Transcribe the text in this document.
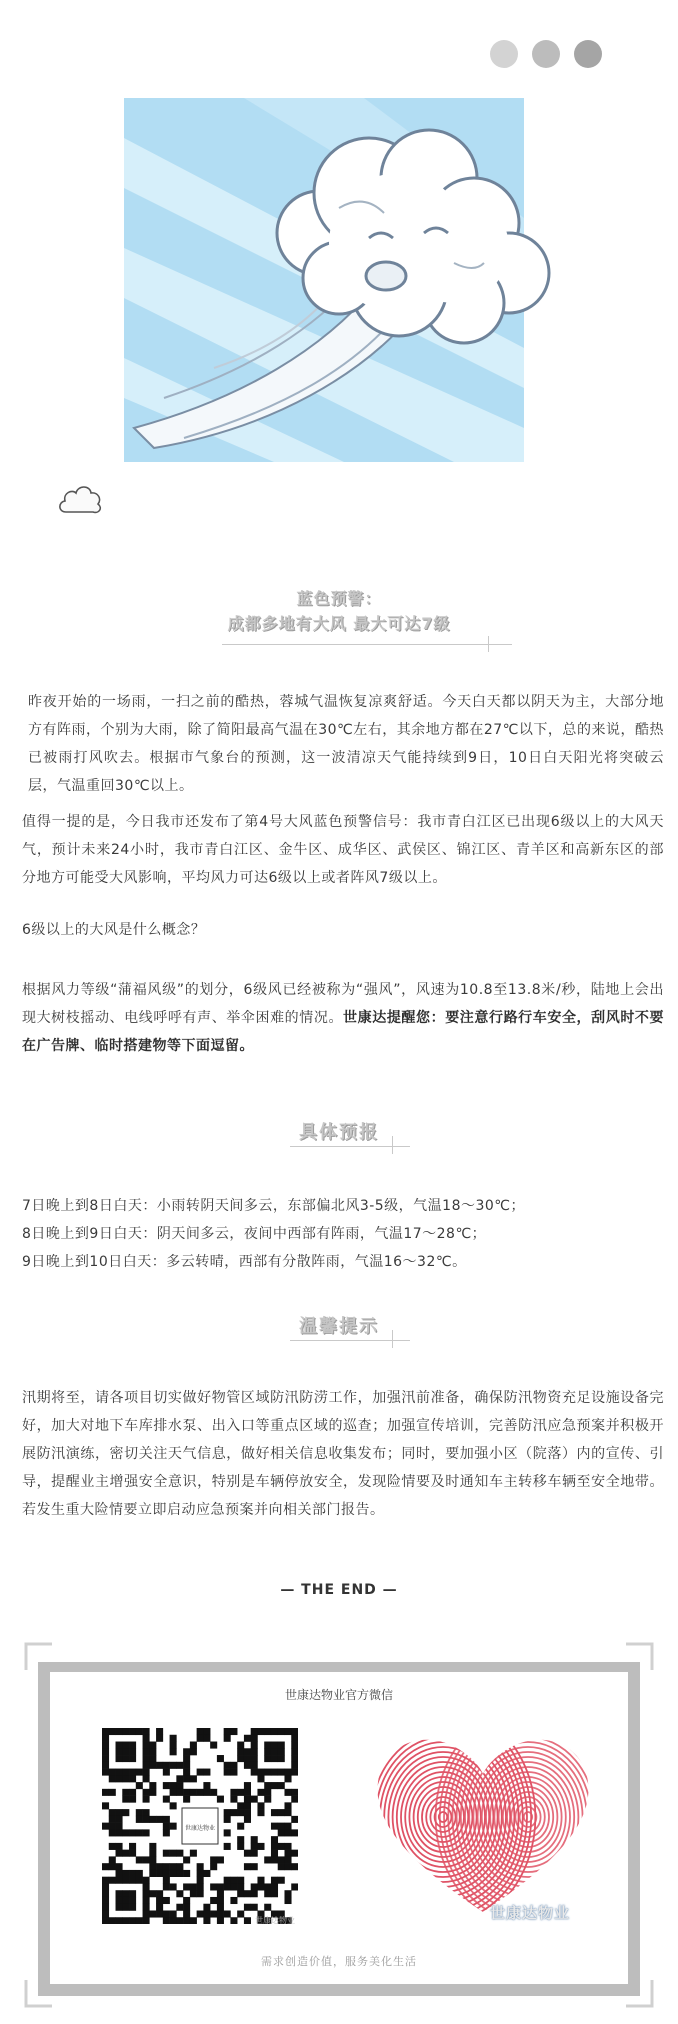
蓝色预警：
成都多地有大风 最大可达7级
昨夜开始的一场雨，一扫之前的酷热，蓉城气温恢复凉爽舒适。今天白天都以阴天为主，大部分地方有阵雨，个别为大雨，除了简阳最高气温在30℃左右，其余地方都在27℃以下，总的来说，酷热已被雨打风吹去。根据市气象台的预测，这一波清凉天气能持续到9日，10日白天阳光将突破云层，气温重回30℃以上。
值得一提的是，今日我市还发布了第4号大风蓝色预警信号：我市青白江区已出现6级以上的大风天气，预计未来24小时，我市青白江区、金牛区、成华区、武侯区、锦江区、青羊区和高新东区的部分地方可能受大风影响，平均风力可达6级以上或者阵风7级以上。
6级以上的大风是什么概念？
根据风力等级“蒲福风级”的划分，6级风已经被称为“强风”，风速为10.8至13.8米/秒，陆地上会出现大树枝摇动、电线呼呼有声、举伞困难的情况。世康达提醒您：要注意行路行车安全，刮风时不要在广告牌、临时搭建物等下面逗留。
具体预报
7日晚上到8日白天：小雨转阴天间多云，东部偏北风3-5级，气温18～30℃；
8日晚上到9日白天：阴天间多云，夜间中西部有阵雨，气温17～28℃；
9日晚上到10日白天：多云转晴，西部有分散阵雨，气温16～32℃。
温馨提示
汛期将至，请各项目切实做好物管区域防汛防涝工作，加强汛前准备，确保防汛物资充足设施设备完好，加大对地下车库排水泵、出入口等重点区域的巡查；加强宣传培训，完善防汛应急预案并积极开展防汛演练，密切关注天气信息，做好相关信息收集发布；同时，要加强小区（院落）内的宣传、引导，提醒业主增强安全意识，特别是车辆停放安全，发现险情要及时通知车主转移车辆至安全地带。若发生重大险情要立即启动应急预案并向相关部门报告。
— THE END —
世康达物业官方微信
世康达物业
世康达物业	世康达物业
需求创造价值，服务美化生活
